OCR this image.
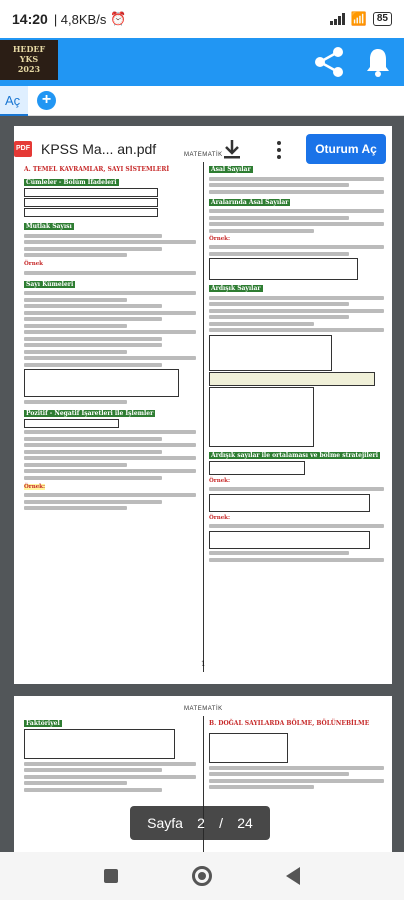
14:20 | 4,8KB/s ⏰	📶	85
HEDEF
YKS
2023
Aç	+
MATEMATİK
A. TEMEL KAVRAMLAR, SAYI SİSTEMLERİ
Cümleler - Bölüm İfadeleri
Mutlak Sayısı
Örnek
Sayı Kümeleri
Pozitif - Negatif İşaretleri ile İşlemler
Örnek:
Asal Sayılar
Aralarında Asal Sayılar
Örnek:
Ardışık Sayılar
Ardışık sayılar ile ortalaması ve bölme stratejileri
Örnek:
Örnek:
1
MATEMATİK
Faktöriyel	B. DOĞAL SAYILARDA BÖLME, BÖLÜNEBİLME
PDF KPSS Ma... an.pdf	Oturum Aç
Sayfa 2 / 24
